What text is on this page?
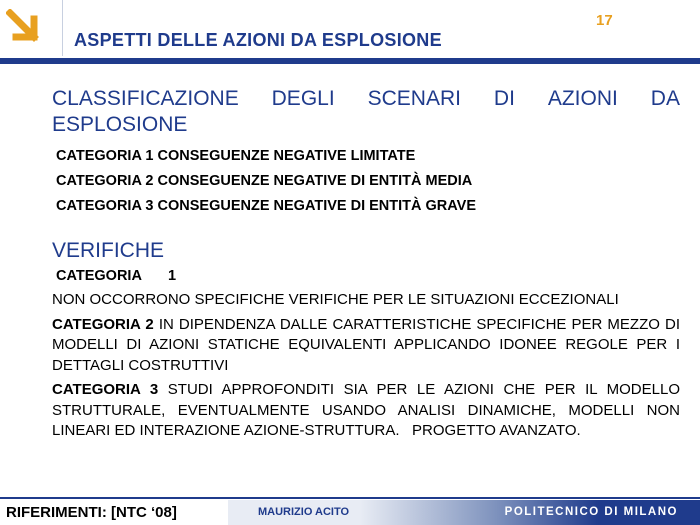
17
ASPETTI DELLE AZIONI DA ESPLOSIONE
CLASSIFICAZIONE DEGLI SCENARI DI AZIONI DA
ESPLOSIONE
CATEGORIA 1 CONSEGUENZE NEGATIVE LIMITATE
CATEGORIA 2 CONSEGUENZE NEGATIVE DI ENTITÀ MEDIA
CATEGORIA 3 CONSEGUENZE NEGATIVE DI ENTITÀ GRAVE
VERIFICHE
CATEGORIA 1
NON OCCORRONO SPECIFICHE VERIFICHE PER LE SITUAZIONI ECCEZIONALI
CATEGORIA 2 IN DIPENDENZA DALLE CARATTERISTICHE SPECIFICHE PER MEZZO DI MODELLI DI AZIONI STATICHE EQUIVALENTI APPLICANDO IDONEE REGOLE PER I DETTAGLI COSTRUTTIVI
CATEGORIA 3 STUDI APPROFONDITI SIA PER LE AZIONI CHE PER IL MODELLO STRUTTURALE, EVENTUALMENTE USANDO ANALISI DINAMICHE, MODELLI NON LINEARI ED INTERAZIONE AZIONE-STRUTTURA.   PROGETTO AVANZATO.
RIFERIMENTI: [NTC ‘08]	MAURIZIO ACITO	POLITECNICO DI MILANO
